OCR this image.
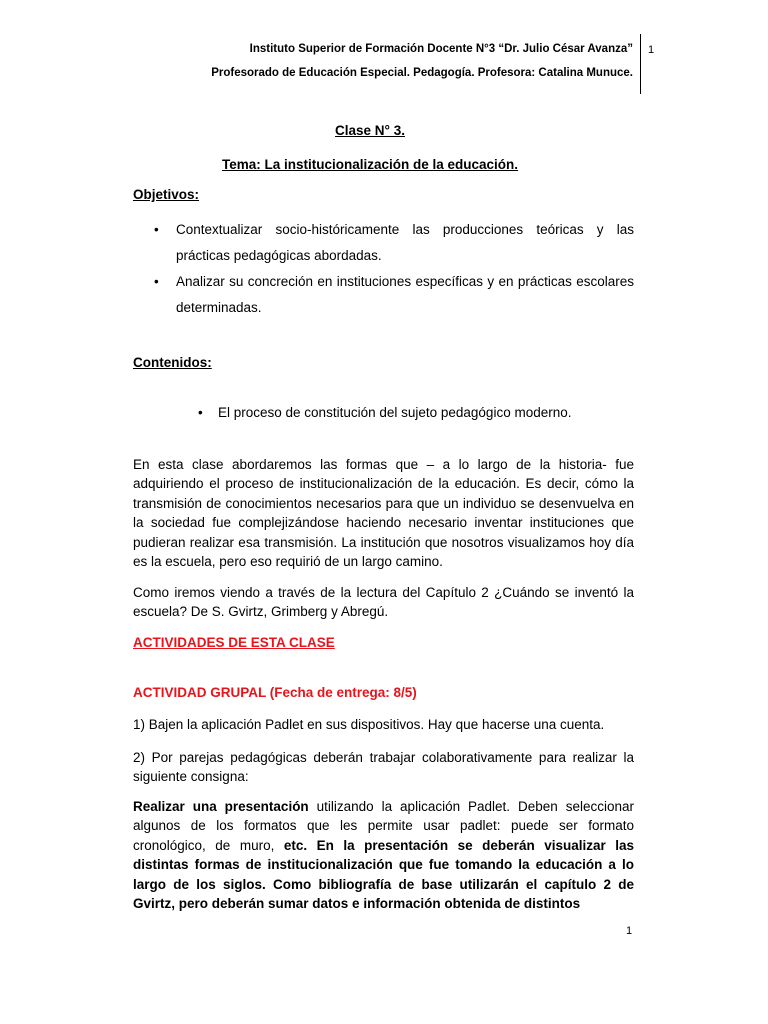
Instituto Superior de Formación Docente N°3 “Dr. Julio César Avanza”
Profesorado de Educación Especial. Pedagogía. Profesora: Catalina Munuce.
1
Clase N° 3.
Tema: La institucionalización de la educación.
Objetivos:
• Contextualizar socio-históricamente las producciones teóricas y las prácticas pedagógicas abordadas.
• Analizar su concreción en instituciones específicas y en prácticas escolares determinadas.
Contenidos:
• El proceso de constitución del sujeto pedagógico moderno.

En esta clase abordaremos las formas que – a lo largo de la historia- fue adquiriendo el proceso de institucionalización de la educación. Es decir, cómo la transmisión de conocimientos necesarios para que un individuo se desenvuelva en la sociedad fue complejizándose haciendo necesario inventar instituciones que pudieran realizar esa transmisión. La institución que nosotros visualizamos hoy día es la escuela, pero eso requirió de un largo camino.

Como iremos viendo a través de la lectura del Capítulo 2 ¿Cuándo se inventó la escuela? De S. Gvirtz, Grimberg y Abregú.

ACTIVIDADES DE ESTA CLASE
ACTIVIDAD GRUPAL (Fecha de entrega: 8/5)

1) Bajen la aplicación Padlet en sus dispositivos. Hay que hacerse una cuenta.

2) Por parejas pedagógicas deberán trabajar colaborativamente para realizar la siguiente consigna:

Realizar una presentación utilizando la aplicación Padlet. Deben seleccionar algunos de los formatos que les permite usar padlet: puede ser formato cronológico, de muro, etc. En la presentación se deberán visualizar las distintas formas de institucionalización que fue tomando la educación a lo largo de los siglos. Como bibliografía de base utilizarán el capítulo 2 de Gvirtz, pero deberán sumar datos e información obtenida de distintos

1
